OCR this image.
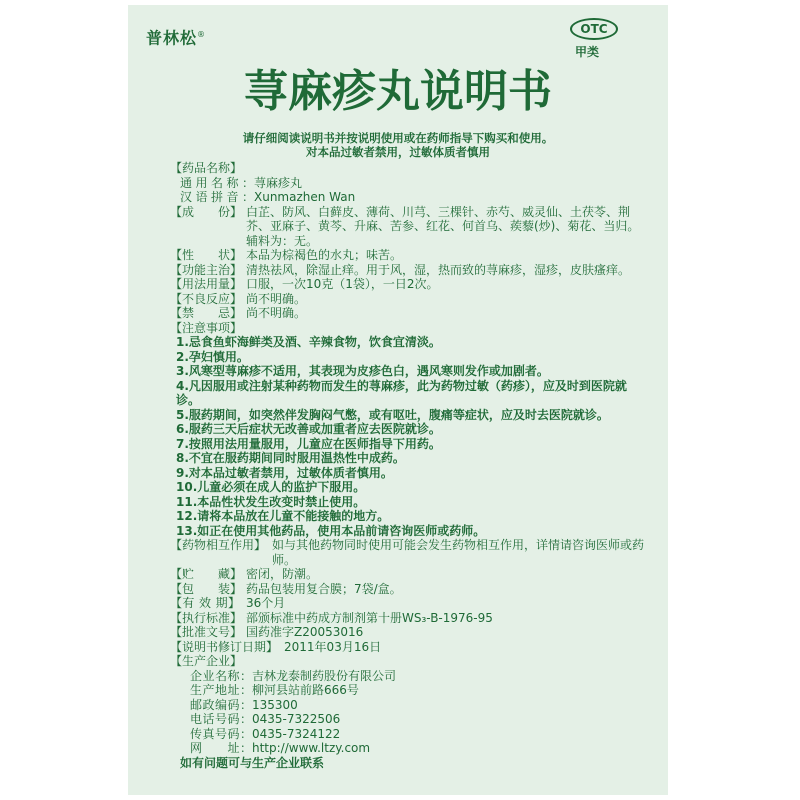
普林松®	OTC
甲类
荨麻疹丸说明书
请仔细阅读说明书并按说明使用或在药师指导下购买和使用。
对本品过敏者禁用，过敏体质者慎用
【药品名称】
通用名称： 荨麻疹丸
汉语拼音： Xunmazhen Wan
【成　　份】 白芷、防风、白藓皮、薄荷、川芎、三棵针、赤芍、威灵仙、土茯苓、荆芥、亚麻子、黄芩、升麻、苦参、红花、何首乌、蒺藜(炒)、菊花、当归。辅料为：无。
【性　　状】 本品为棕褐色的水丸；味苦。
【功能主治】 清热祛风，除湿止痒。用于风，湿，热而致的荨麻疹，湿疹，皮肤瘙痒。
【用法用量】 口服，一次10克（1袋），一日2次。
【不良反应】 尚不明确。
【禁　　忌】 尚不明确。
【注意事项】
1.忌食鱼虾海鲜类及酒、辛辣食物，饮食宜清淡。
2.孕妇慎用。
3.风寒型荨麻疹不适用，其表现为皮疹色白，遇风寒则发作或加剧者。
4.凡因服用或注射某种药物而发生的荨麻疹，此为药物过敏（药疹），应及时到医院就诊。
5.服药期间，如突然伴发胸闷气憋，或有呕吐，腹痛等症状，应及时去医院就诊。
6.服药三天后症状无改善或加重者应去医院就诊。
7.按照用法用量服用，儿童应在医师指导下用药。
8.不宜在服药期间同时服用温热性中成药。
9.对本品过敏者禁用，过敏体质者慎用。
10.儿童必须在成人的监护下服用。
11.本品性状发生改变时禁止使用。
12.请将本品放在儿童不能接触的地方。
13.如正在使用其他药品，使用本品前请咨询医师或药师。
【药物相互作用】 如与其他药物同时使用可能会发生药物相互作用，详情请咨询医师或药师。
【贮　　藏】 密闭，防潮。
【包　　装】 药品包装用复合膜；7袋/盒。
【有 效 期】 36个月
【执行标准】 部颁标准中药成方制剂第十册WS₃-B-1976-95
【批准文号】 国药准字Z20053016
【说明书修订日期】 2011年03月16日
【生产企业】
企业名称： 吉林龙泰制药股份有限公司
生产地址： 柳河县站前路666号
邮政编码： 135300
电话号码： 0435-7322506
传真号码： 0435-7324122
网　　址： http://www.ltzy.com
如有问题可与生产企业联系
